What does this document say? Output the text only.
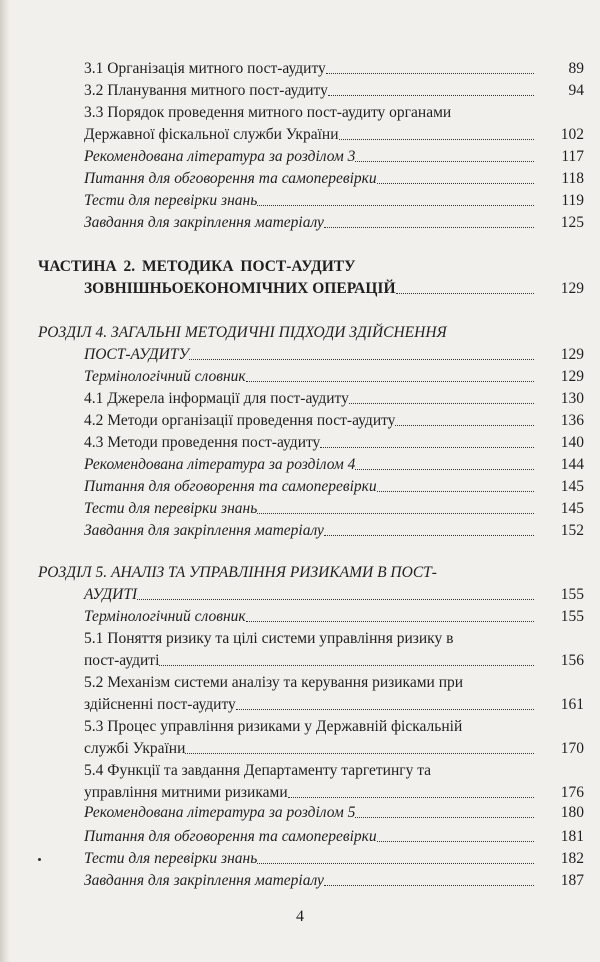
3.1 Організація митного пост-аудиту	89
3.2 Планування митного пост-аудиту	94
3.3 Порядок проведення митного пост-аудиту органами
Державної фіскальної служби України	102
Рекомендована література за розділом 3	117
Питання для обговорення та самоперевірки	118
Тести для перевірки знань	119
Завдання для закріплення матеріалу	125
ЧАСТИНА 2. МЕТОДИКА ПОСТ-АУДИТУ
ЗОВНІШНЬОЕКОНОМІЧНИХ ОПЕРАЦІЙ	129
РОЗДІЛ 4. ЗАГАЛЬНІ МЕТОДИЧНІ ПІДХОДИ ЗДІЙСНЕННЯ
ПОСТ-АУДИТУ	129
Термінологічний словник	129
4.1 Джерела інформації для пост-аудиту	130
4.2 Методи організації проведення пост-аудиту	136
4.3 Методи проведення пост-аудиту	140
Рекомендована література за розділом 4	144
Питання для обговорення та самоперевірки	145
Тести для перевірки знань	145
Завдання для закріплення матеріалу	152
РОЗДІЛ 5. АНАЛІЗ ТА УПРАВЛІННЯ РИЗИКАМИ В ПОСТ-
АУДИТІ	155
Термінологічний словник	155
5.1 Поняття ризику та цілі системи управління ризику в
пост-аудиті	156
5.2 Механізм системи аналізу та керування ризиками при
здійсненні пост-аудиту	161
5.3 Процес управління ризиками у Державній фіскальній
службі України	170
5.4 Функції та завдання Департаменту таргетингу та
управління митними ризиками	176
Рекомендована література за розділом 5	180
Питання для обговорення та самоперевірки	181
Тести для перевірки знань	182
Завдання для закріплення матеріалу	187
4
